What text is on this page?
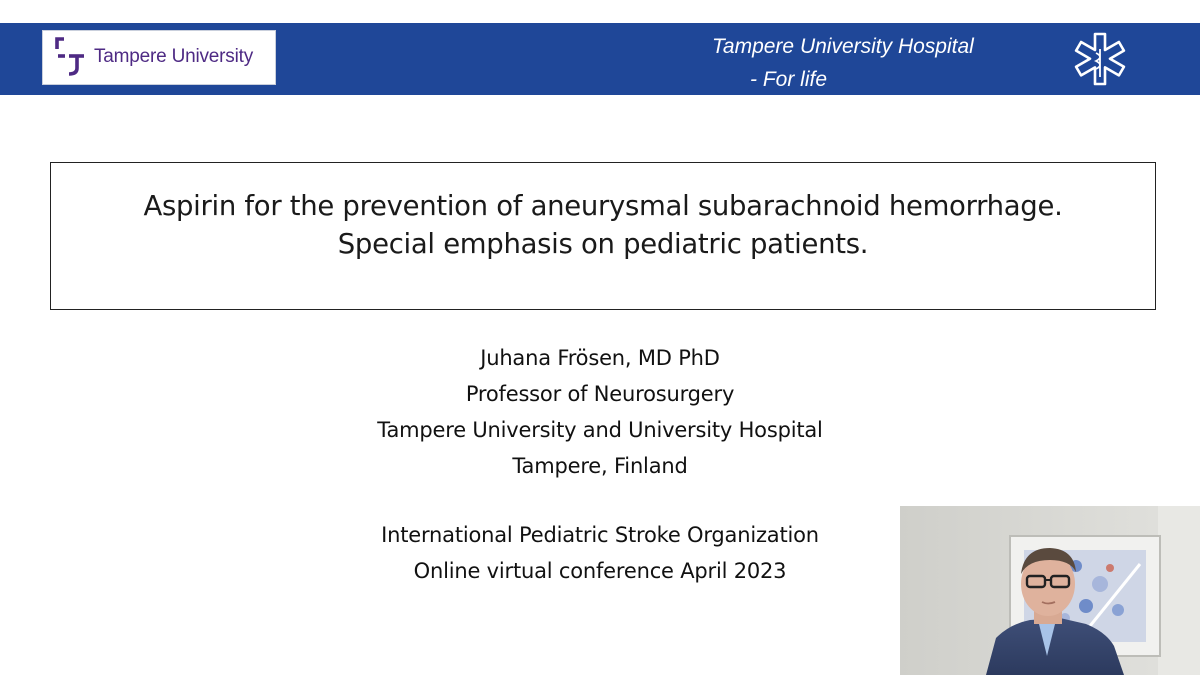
Tampere University	Tampere University Hospital
- For life
Aspirin for the prevention of aneurysmal subarachnoid hemorrhage.
Special emphasis on pediatric patients.
Juhana Frösen, MD PhD
Professor of Neurosurgery
Tampere University and University Hospital
Tampere, Finland
International Pediatric Stroke Organization
Online virtual conference April 2023
